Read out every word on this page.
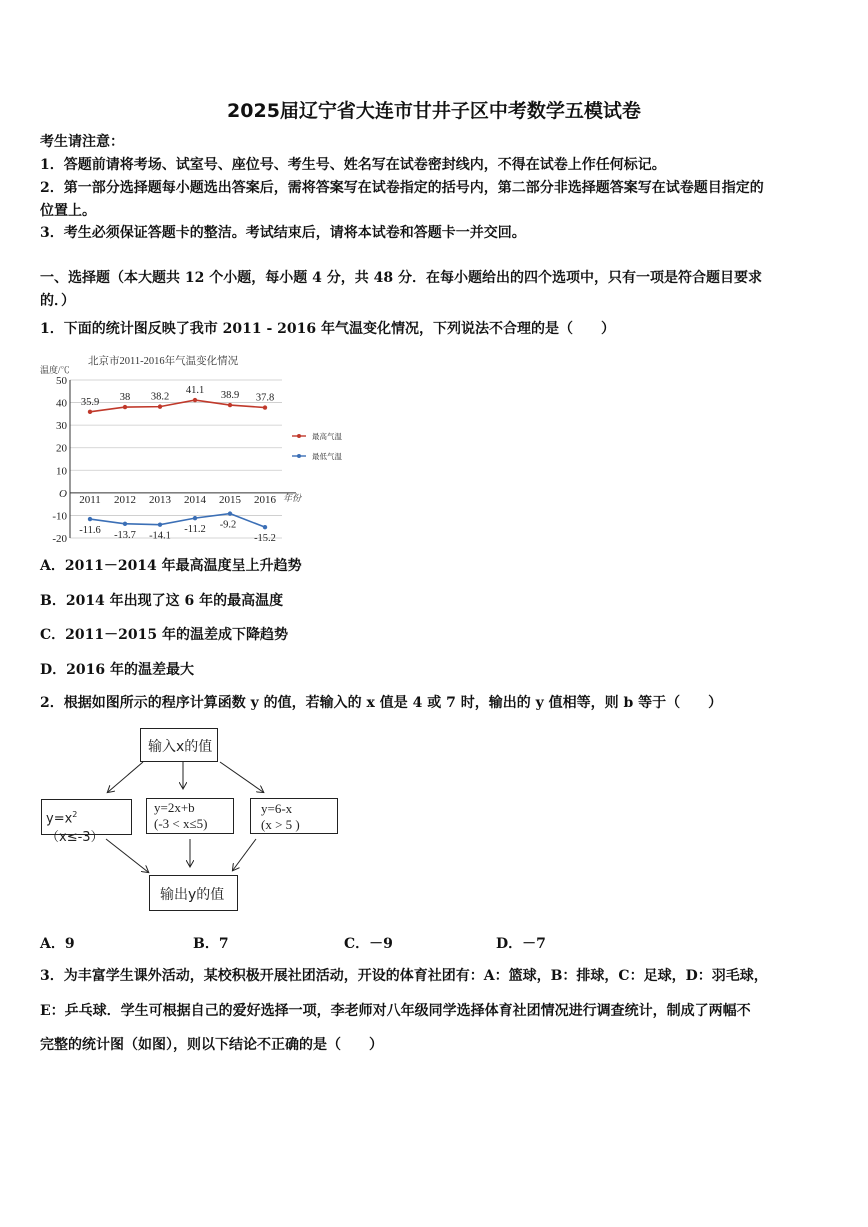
2025届辽宁省大连市甘井子区中考数学五模试卷
考生请注意：
1．答题前请将考场、试室号、座位号、考生号、姓名写在试卷密封线内，不得在试卷上作任何标记。
2．第一部分选择题每小题选出答案后，需将答案写在试卷指定的括号内，第二部分非选择题答案写在试卷题目指定的
位置上。
3．考生必须保证答题卡的整洁。考试结束后，请将本试卷和答题卡一并交回。
一、选择题（本大题共 12 个小题，每小题 4 分，共 48 分．在每小题给出的四个选项中，只有一项是符合题目要求
的．）
1．下面的统计图反映了我市 2011 - 2016 年气温变化情况，下列说法不合理的是（　　）
温度/℃
北京市2011-2016年气温变化情况
50
40
30
20
10
O
-10
-20
2011 2012 2013 2014 2015 2016 年份
35.9 38 38.2
41.1 38.9 37.8
-11.6 -13.7 -14.1
-11.2 -9.2
-15.2
最高气温
最低气温
A．2011－2014 年最高温度呈上升趋势
B．2014 年出现了这 6 年的最高温度
C．2011－2015 年的温差成下降趋势
D．2016 年的温差最大
2．根据如图所示的程序计算函数 y 的值，若输入的 x 值是 4 或 7 时，输出的 y 值相等，则 b 等于（　　）
输入x的值
$y=x^2(x\le-3)$
y=2x+b
(-3 < x≤5)
y=6-x
(x > 5 )
输出y的值
A．9	B．7	C．－9	D．－7
3．为丰富学生课外活动，某校积极开展社团活动，开设的体育社团有：A：篮球，B：排球，C：足球，D：羽毛球，
E：乒乓球．学生可根据自己的爱好选择一项，李老师对八年级同学选择体育社团情况进行调查统计，制成了两幅不
完整的统计图（如图），则以下结论不正确的是（　　）
